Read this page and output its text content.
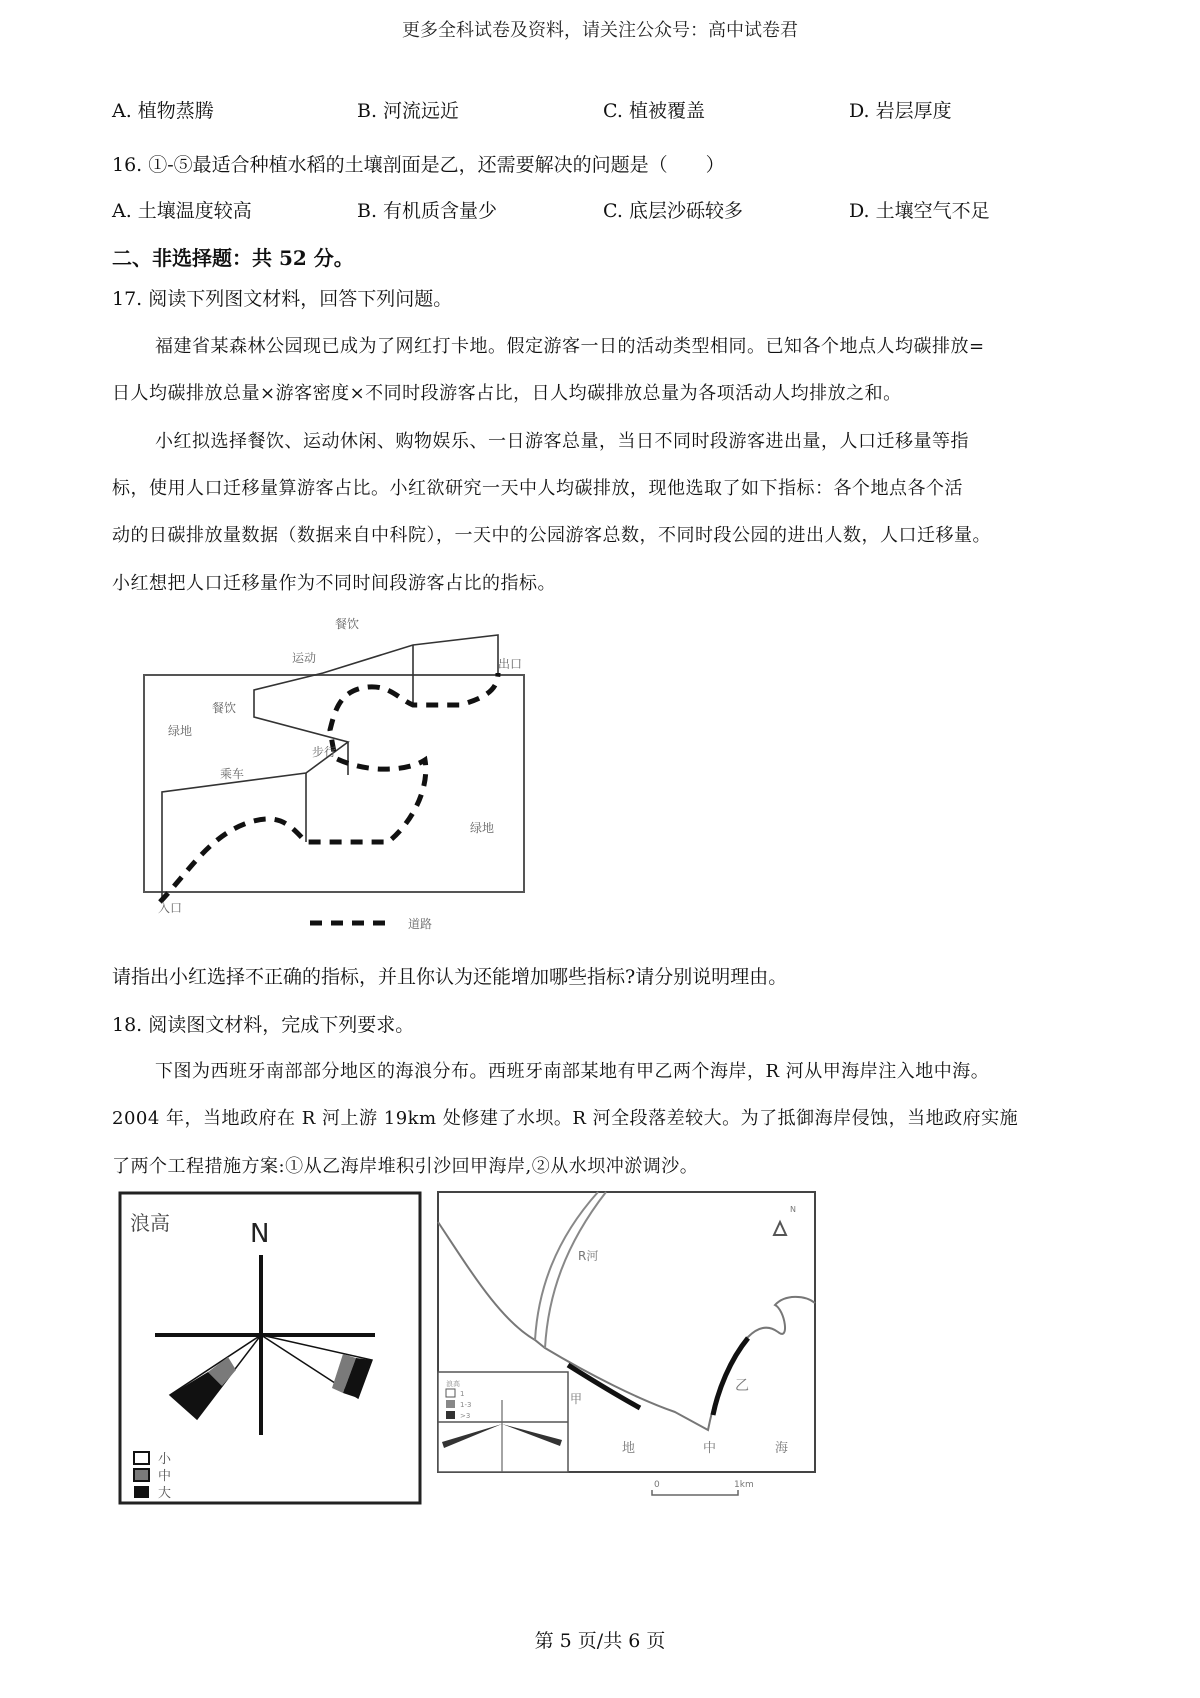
更多全科试卷及资料，请关注公众号：高中试卷君
A. 植物蒸腾	B. 河流远近	C. 植被覆盖	D. 岩层厚度
16. ①-⑤最适合种植水稻的土壤剖面是乙，还需要解决的问题是（　　）
A. 土壤温度较高	B. 有机质含量少	C. 底层沙砾较多	D. 土壤空气不足
二、非选择题：共 52 分。
17. 阅读下列图文材料，回答下列问题。
福建省某森林公园现已成为了网红打卡地。假定游客一日的活动类型相同。已知各个地点人均碳排放=
日人均碳排放总量×游客密度×不同时段游客占比，日人均碳排放总量为各项活动人均排放之和。
小红拟选择餐饮、运动休闲、购物娱乐、一日游客总量，当日不同时段游客进出量，人口迁移量等指
标，使用人口迁移量算游客占比。小红欲研究一天中人均碳排放，现他选取了如下指标：各个地点各个活
动的日碳排放量数据（数据来自中科院），一天中的公园游客总数，不同时段公园的进出人数，人口迁移量。
小红想把人口迁移量作为不同时间段游客占比的指标。
餐饮
运动	出口
餐饮
绿地
步行
乘车
绿地
入口
道路
请指出小红选择不正确的指标，并且你认为还能增加哪些指标?请分别说明理由。
18. 阅读图文材料，完成下列要求。
下图为西班牙南部部分地区的海浪分布。西班牙南部某地有甲乙两个海岸，R 河从甲海岸注入地中海。
2004 年，当地政府在 R 河上游 19km 处修建了水坝。R 河全段落差较大。为了抵御海岸侵蚀，当地政府实施
了两个工程措施方案:①从乙海岸堆积引沙回甲海岸,②从水坝冲淤调沙。
浪高	N
小
中
大
R河
甲
乙
地	中	海
N
浪高
1
1-3
>3
0	1km
第 5 页/共 6 页
